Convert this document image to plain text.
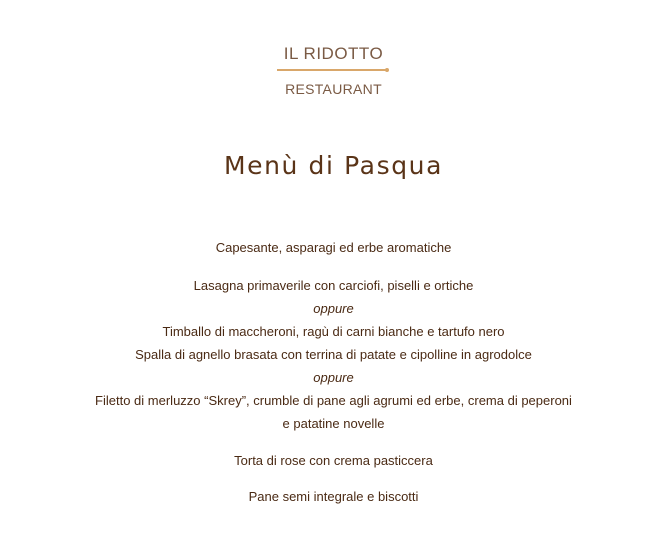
IL RIDOTTO
RESTAURANT
Menù di Pasqua
Capesante, asparagi ed erbe aromatiche
Lasagna primaverile con carciofi, piselli e ortiche
oppure
Timballo di maccheroni, ragù di carni bianche e tartufo nero
Spalla di agnello brasata con terrina di patate e cipolline in agrodolce
oppure
Filetto di merluzzo “Skrey”, crumble di pane agli agrumi ed erbe, crema di peperoni
e patatine novelle
Torta di rose con crema pasticcera
Pane semi integrale e biscotti
